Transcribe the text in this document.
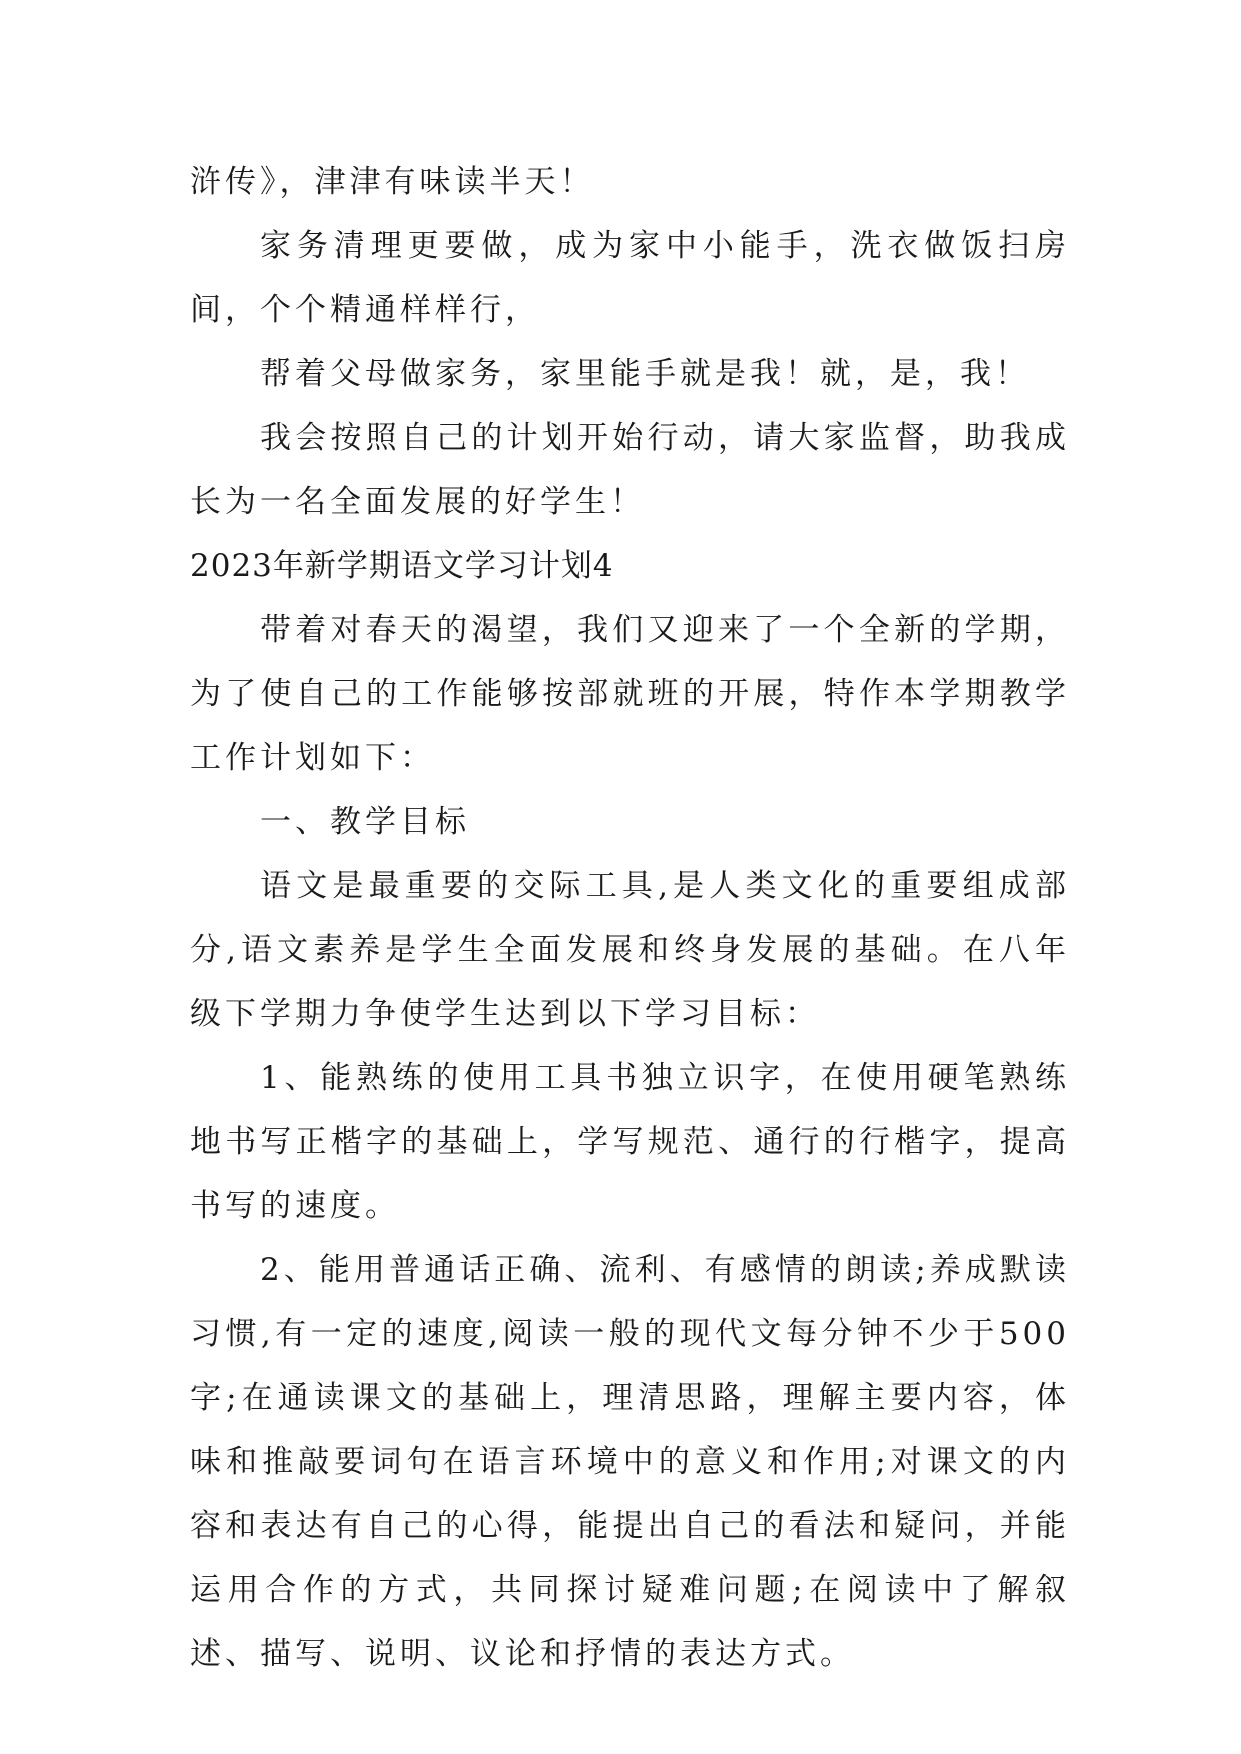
浒传》，津津有味读半天！

家务清理更要做，成为家中小能手，洗衣做饭扫房间，个个精通样样行，

帮着父母做家务，家里能手就是我！就，是，我！

我会按照自己的计划开始行动，请大家监督，助我成长为一名全面发展的好学生！

2023年新学期语文学习计划4

带着对春天的渴望，我们又迎来了一个全新的学期，为了使自己的工作能够按部就班的开展，特作本学期教学工作计划如下：

一、教学目标

语文是最重要的交际工具,是人类文化的重要组成部分,语文素养是学生全面发展和终身发展的基础。在八年级下学期力争使学生达到以下学习目标：

1、能熟练的使用工具书独立识字，在使用硬笔熟练地书写正楷字的基础上，学写规范、通行的行楷字，提高书写的速度。

2、能用普通话正确、流利、有感情的朗读;养成默读习惯,有一定的速度,阅读一般的现代文每分钟不少于500字;在通读课文的基础上，理清思路，理解主要内容，体味和推敲要词句在语言环境中的意义和作用;对课文的内容和表达有自己的心得，能提出自己的看法和疑问，并能运用合作的方式，共同探讨疑难问题;在阅读中了解叙述、描写、说明、议论和抒情的表达方式。
